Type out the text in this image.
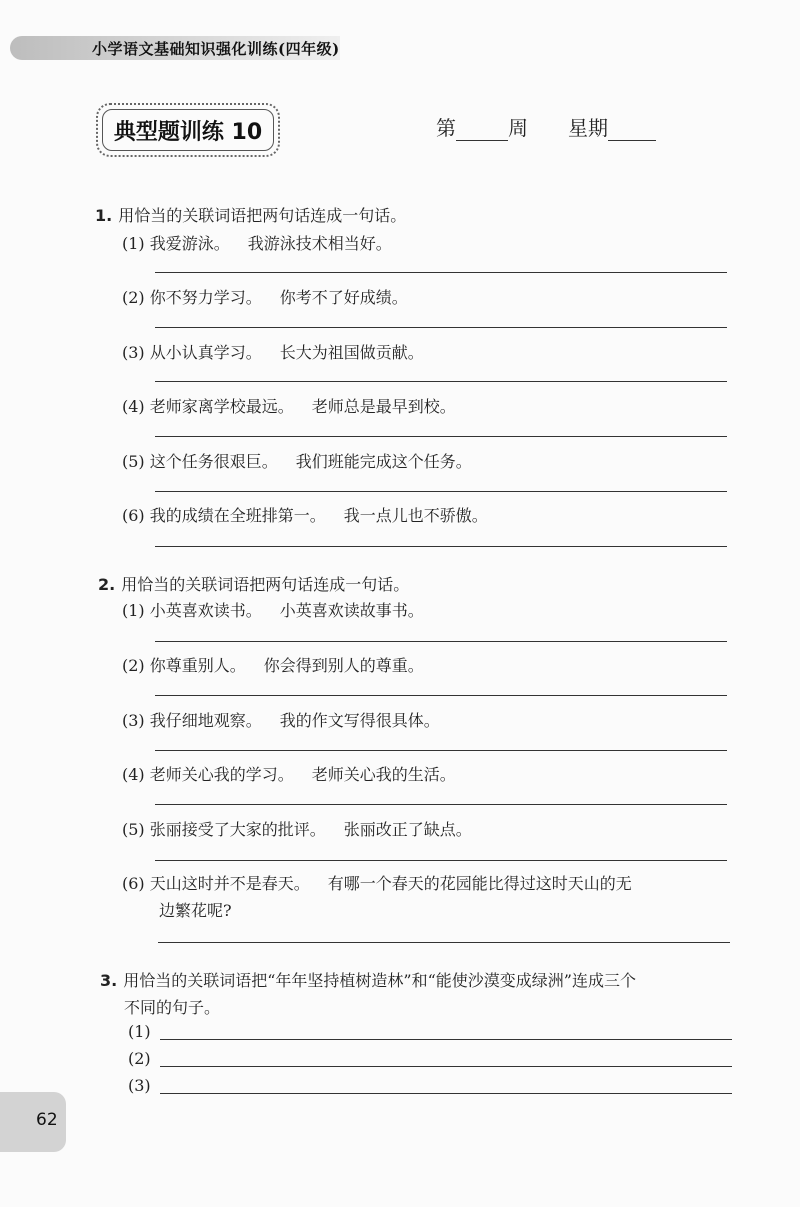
小学语文基础知识强化训练(四年级)
典型题训练 10	第	周 星期
1. 用恰当的关联词语把两句话连成一句话。
(1) 我爱游泳。 我游泳技术相当好。
(2) 你不努力学习。 你考不了好成绩。
(3) 从小认真学习。 长大为祖国做贡献。
(4) 老师家离学校最远。 老师总是最早到校。
(5) 这个任务很艰巨。 我们班能完成这个任务。
(6) 我的成绩在全班排第一。 我一点儿也不骄傲。
2. 用恰当的关联词语把两句话连成一句话。
(1) 小英喜欢读书。 小英喜欢读故事书。
(2) 你尊重别人。 你会得到别人的尊重。
(3) 我仔细地观察。 我的作文写得很具体。
(4) 老师关心我的学习。 老师关心我的生活。
(5) 张丽接受了大家的批评。 张丽改正了缺点。
(6) 天山这时并不是春天。 有哪一个春天的花园能比得过这时天山的无
边繁花呢?
3. 用恰当的关联词语把“年年坚持植树造林”和“能使沙漠变成绿洲”连成三个
不同的句子。
(1)
(2)
(3)
62
